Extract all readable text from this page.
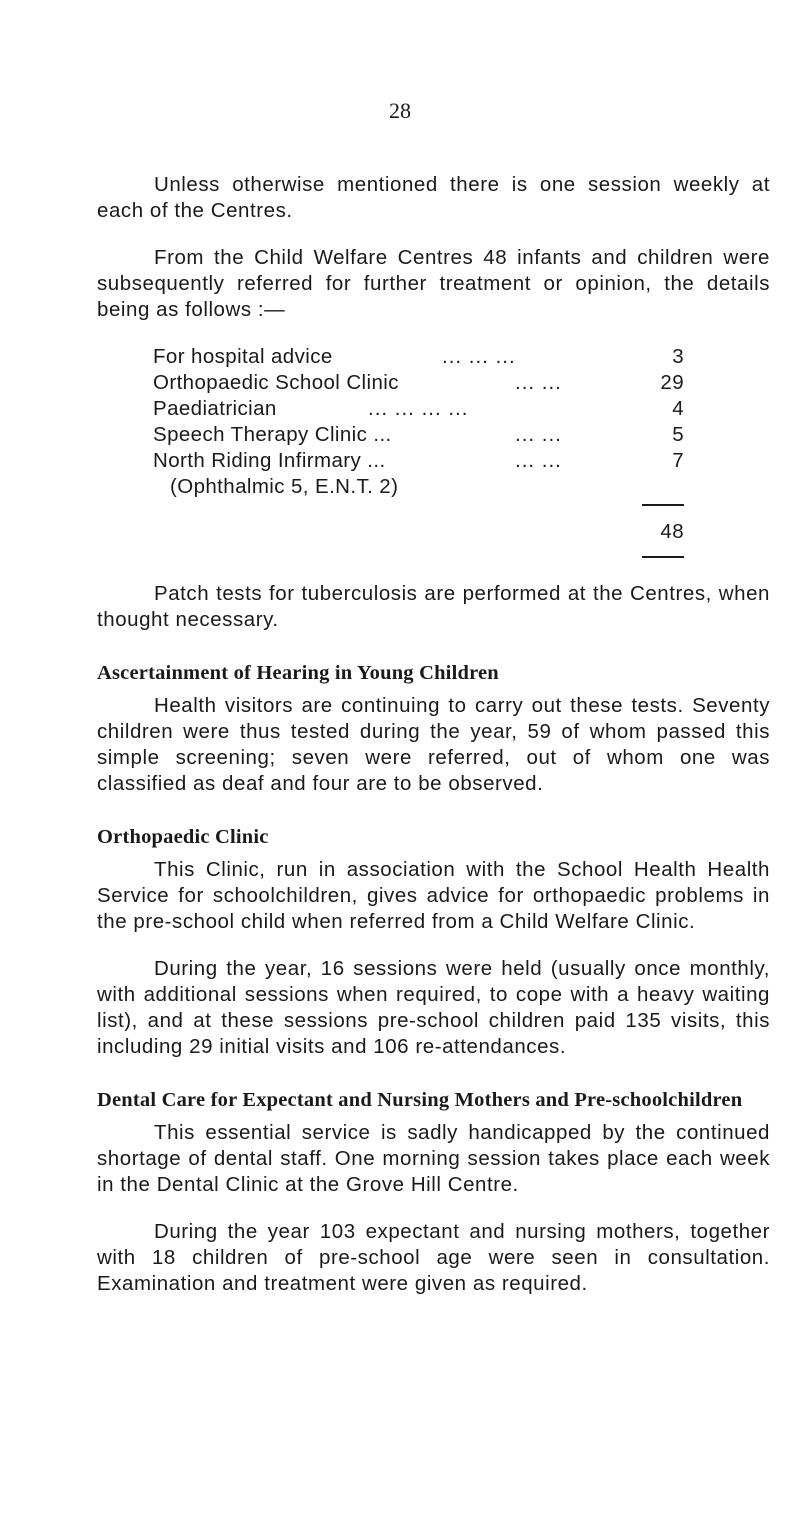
28

Unless otherwise mentioned there is one session weekly at each of the Centres.

From the Child Welfare Centres 48 infants and children were subsequently referred for further treatment or opinion, the details being as follows :—

For hospital advice	... ... ...	3
Orthopaedic School Clinic	... ...	29
Paediatrician	... ... ... ...	4
Speech Therapy Clinic ...	... ...	5
North Riding Infirmary ...	... ...	7
(Ophthalmic 5, E.N.T. 2)
48

Patch tests for tuberculosis are performed at the Centres, when thought necessary.

Ascertainment of Hearing in Young Children

Health visitors are continuing to carry out these tests. Seventy children were thus tested during the year, 59 of whom passed this simple screening; seven were referred, out of whom one was classified as deaf and four are to be observed.

Orthopaedic Clinic

This Clinic, run in association with the School Health Health Service for schoolchildren, gives advice for orthopaedic problems in the pre-school child when referred from a Child Welfare Clinic.

During the year, 16 sessions were held (usually once monthly, with additional sessions when required, to cope with a heavy waiting list), and at these sessions pre-school children paid 135 visits, this including 29 initial visits and 106 re-attendances.

Dental Care for Expectant and Nursing Mothers and Pre-schoolchildren

This essential service is sadly handicapped by the continued shortage of dental staff. One morning session takes place each week in the Dental Clinic at the Grove Hill Centre.

During the year 103 expectant and nursing mothers, together with 18 children of pre-school age were seen in consultation. Examination and treatment were given as required.
